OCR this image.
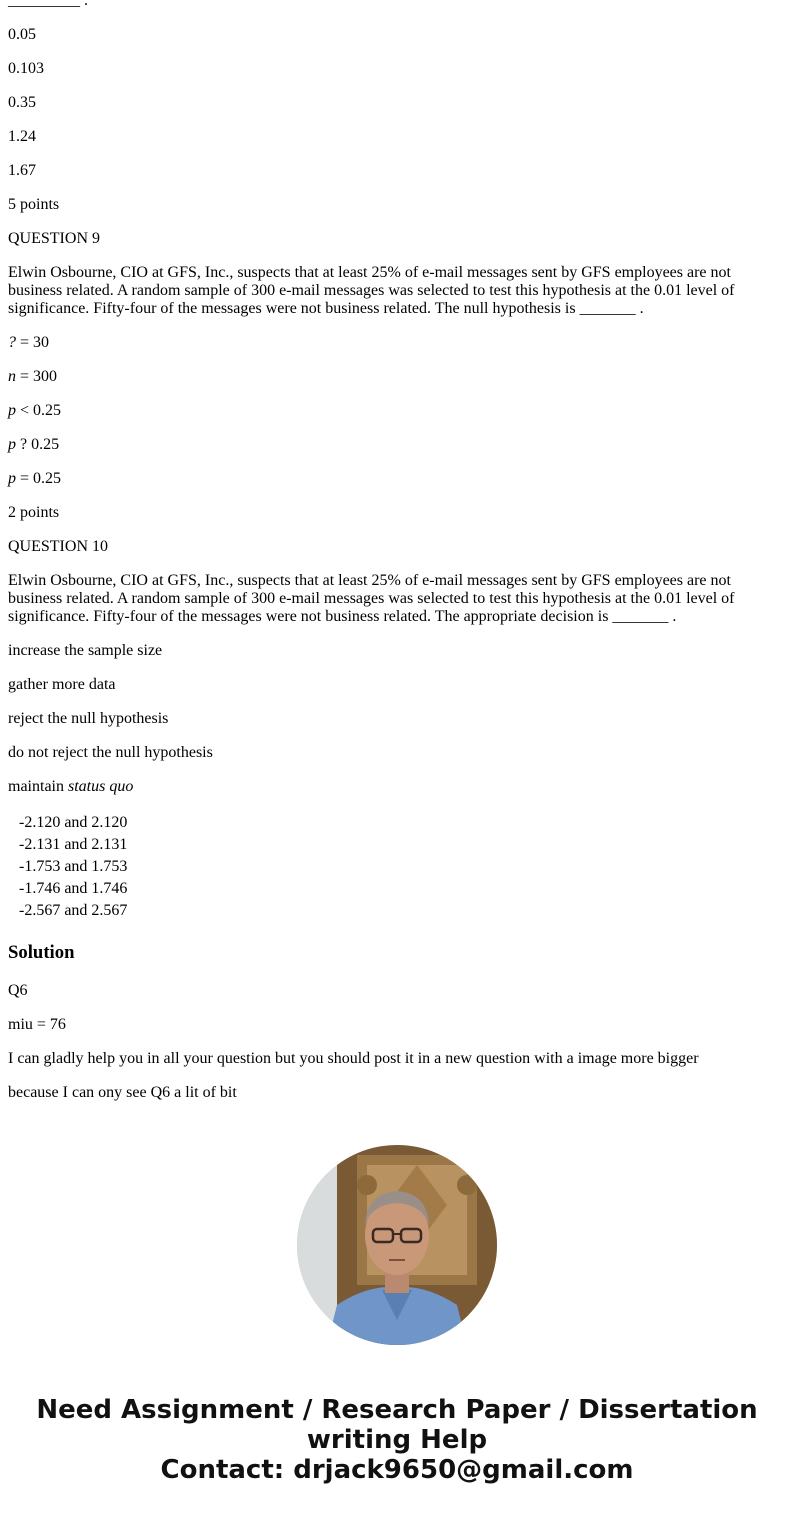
_________ .

0.05

0.103

0.35

1.24

1.67

5 points

QUESTION 9

Elwin Osbourne, CIO at GFS, Inc., suspects that at least 25% of e-mail messages sent by GFS employees are not business related. A random sample of 300 e-mail messages was selected to test this hypothesis at the 0.01 level of significance. Fifty-four of the messages were not business related. The null hypothesis is _______ .

? = 30

n = 300

p < 0.25

p ? 0.25

p = 0.25

2 points

QUESTION 10

Elwin Osbourne, CIO at GFS, Inc., suspects that at least 25% of e-mail messages sent by GFS employees are not business related. A random sample of 300 e-mail messages was selected to test this hypothesis at the 0.01 level of significance. Fifty-four of the messages were not business related. The appropriate decision is _______ .

increase the sample size

gather more data

reject the null hypothesis

do not reject the null hypothesis

maintain status quo

-2.120 and 2.120
-2.131 and 2.131
-1.753 and 1.753
-1.746 and 1.746
-2.567 and 2.567
Solution

Q6

miu = 76

I can gladly help you in all your question but you should post it in a new question with a image more bigger

because I can ony see Q6 a lit of bit

Need Assignment / Research Paper / Dissertation writing Help
Contact: drjack9650@gmail.com
